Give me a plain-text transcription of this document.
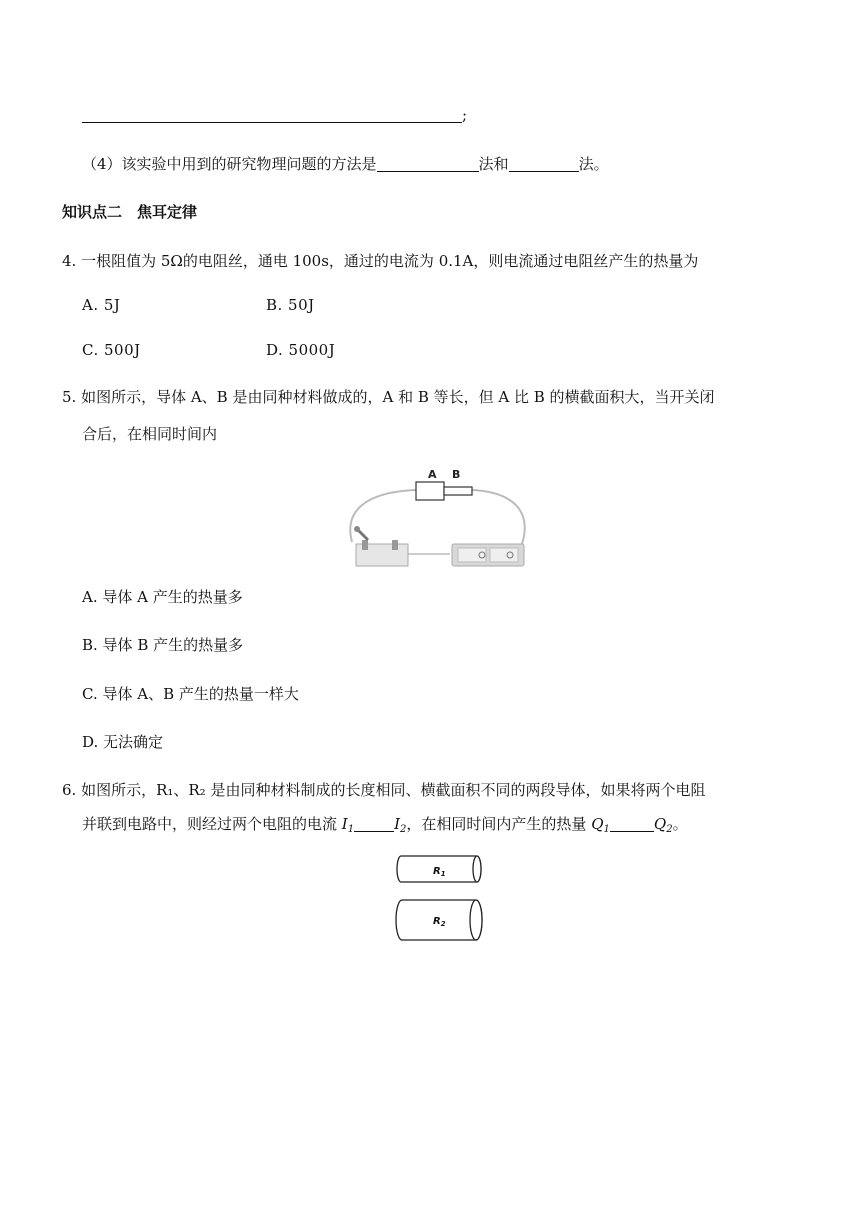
;
（4）该实验中用到的研究物理问题的方法是	法和	法。
知识点二　焦耳定律
4. 一根阻值为 5Ω的电阻丝，通电 100s，通过的电流为 0.1A，则电流通过电阻丝产生的热量为
A. 5J	B. 50J
C. 500J	D. 5000J
5. 如图所示，导体 A、B 是由同种材料做成的，A 和 B 等长，但 A 比 B 的横截面积大，当开关闭
合后，在相同时间内
A B
A. 导体 A 产生的热量多
B. 导体 B 产生的热量多
C. 导体 A、B 产生的热量一样大
D. 无法确定
6. 如图所示，R₁、R₂ 是由同种材料制成的长度相同、横截面积不同的两段导体，如果将两个电阻
并联到电路中，则经过两个电阻的电流 $I_1$	$I_2$，在相同时间内产生的热量 $Q_1$	$Q_2$。
$R_1$
$R_2$
